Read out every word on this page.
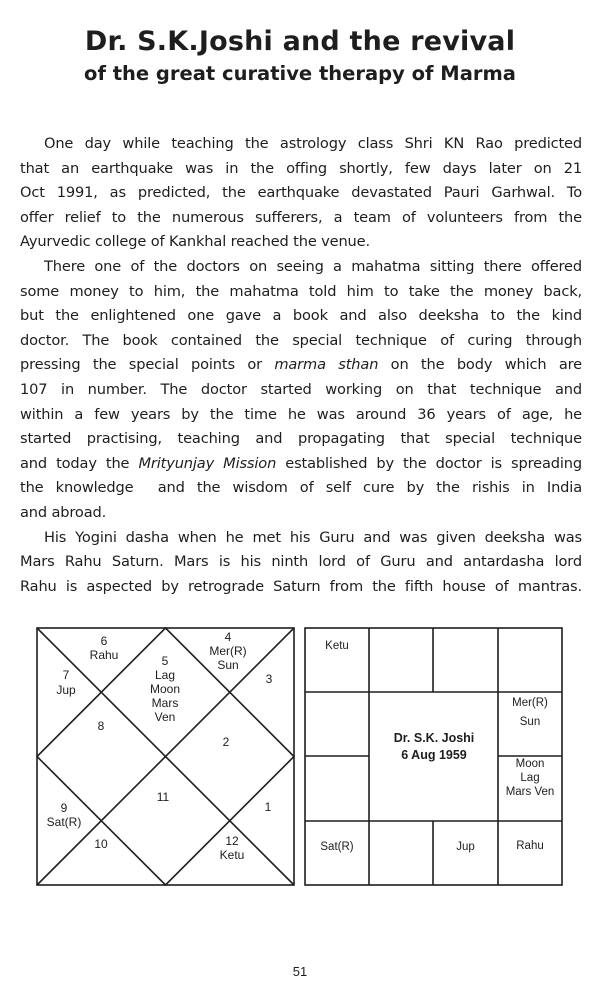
Dr. S.K.Joshi and the revival
of the great curative therapy of Marma
One day while teaching the astrology class Shri KN Rao predicted
that an earthquake was in the offing shortly, few days later on 21
Oct 1991, as predicted, the earthquake devastated Pauri Garhwal. To
offer relief to the numerous sufferers, a team of volunteers from the
Ayurvedic college of Kankhal reached the venue.
There one of the doctors on seeing a mahatma sitting there offered
some money to him, the mahatma told him to take the money back,
but the enlightened one gave a book and also deeksha to the kind
doctor. The book contained the special technique of curing through
pressing the special points or marma sthan on the body which are
107 in number. The doctor started working on that technique and
within a few years by the time he was around 36 years of age, he
started practising, teaching and propagating that special technique
and today the Mrityunjay Mission established by the doctor is spreading
the knowledge  and the wisdom of self cure by the rishis in India
and abroad.
His Yogini dasha when he met his Guru and was given deeksha was
Mars Rahu Saturn. Mars is his ninth lord of Guru and antardasha lord
Rahu is aspected by retrograde Saturn from the fifth house of mantras.
6
Rahu
4
Mer(R)
Sun
5
Lag
Moon
Mars
Ven
7
Jup
3
8
2
11
9
Sat(R)
1
10	12
Ketu
Ketu
Mer(R)
Sun
Moon
Lag
Mars Ven
Sat(R)	Jup	Rahu
Dr. S.K. Joshi
6 Aug 1959
51
